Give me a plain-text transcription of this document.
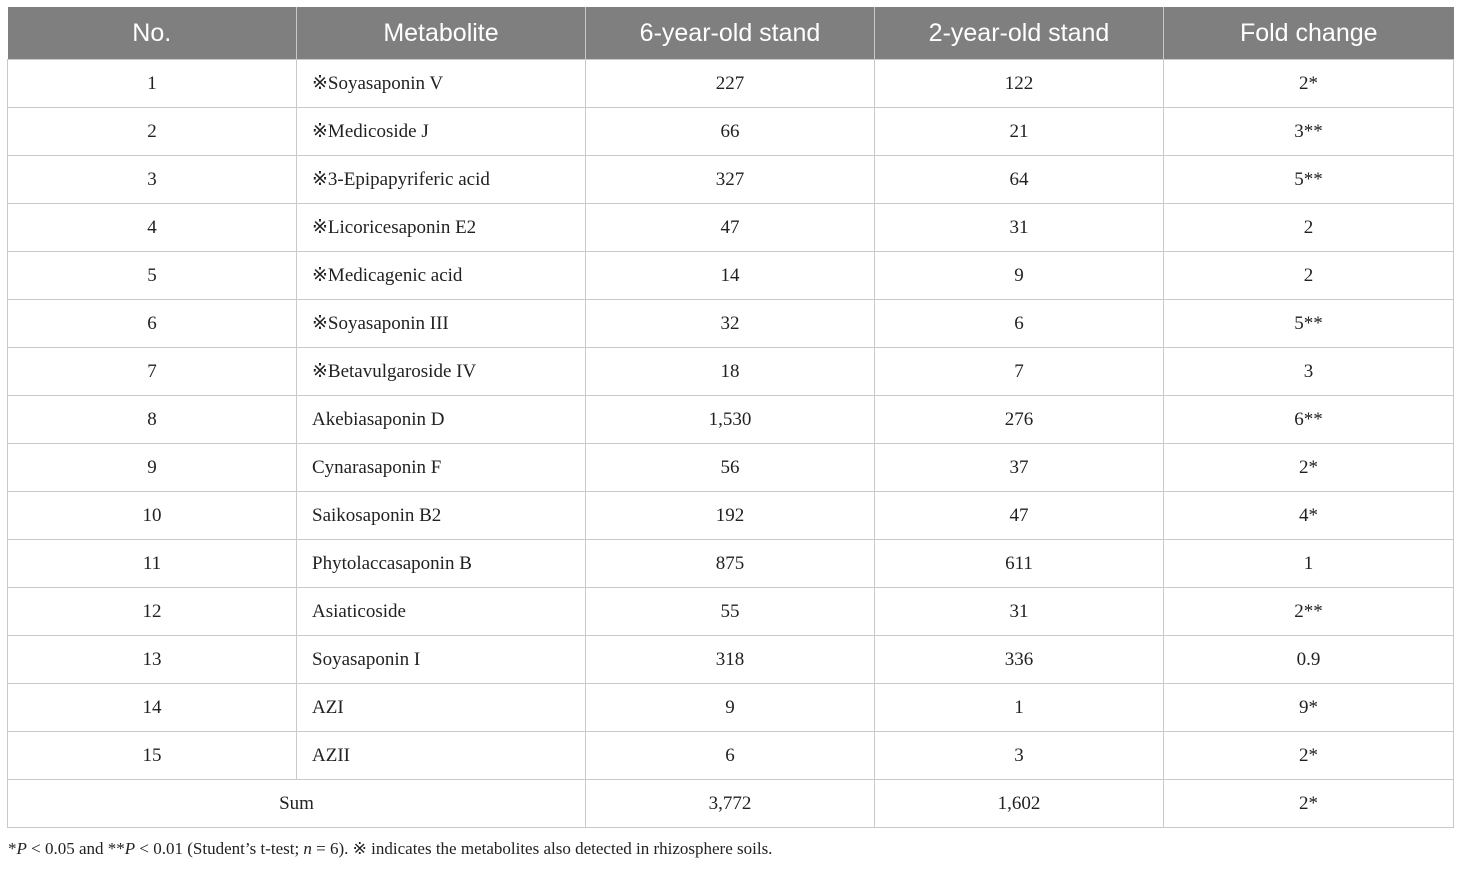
No.	Metabolite	6-year-old stand	2-year-old stand	Fold change
1	※Soyasaponin V	227	122	2*
2	※Medicoside J	66	21	3**
3	※3-Epipapyriferic acid	327	64	5**
4	※Licoricesaponin E2	47	31	2
5	※Medicagenic acid	14	9	2
6	※Soyasaponin III	32	6	5**
7	※Betavulgaroside IV	18	7	3
8	Akebiasaponin D	1,530	276	6**
9	Cynarasaponin F	56	37	2*
10	Saikosaponin B2	192	47	4*
11	Phytolaccasaponin B	875	611	1
12	Asiaticoside	55	31	2**
13	Soyasaponin I	318	336	0.9
14	AZI	9	1	9*
15	AZII	6	3	2*
Sum		3,772	1,602	2*
*P < 0.05 and **P < 0.01 (Student’s t-test; n = 6). ※ indicates the metabolites also detected in rhizosphere soils.
